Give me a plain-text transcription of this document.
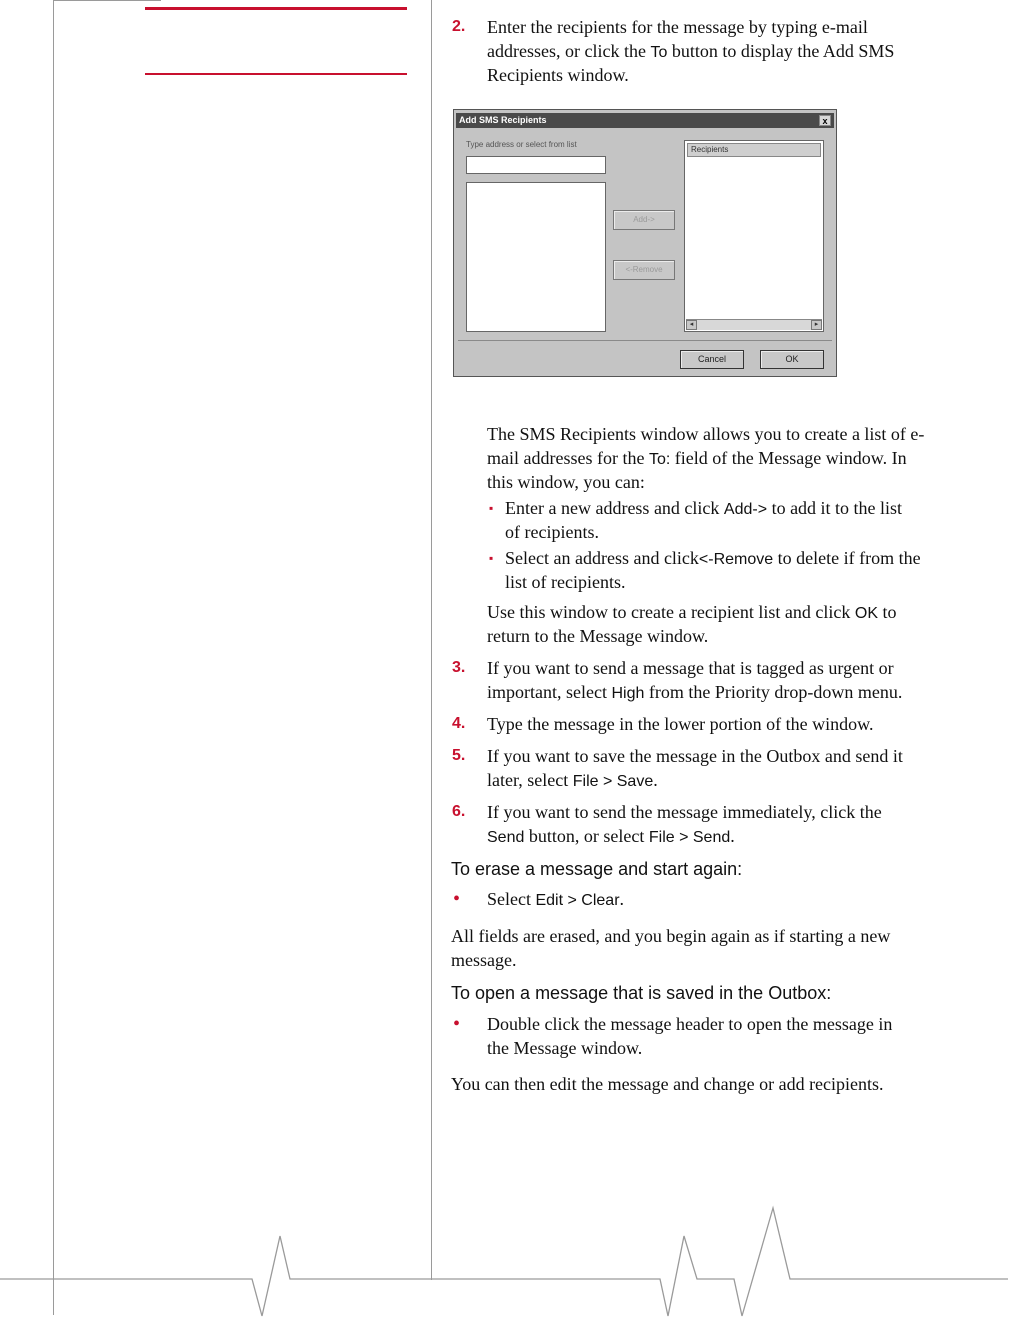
2. Enter the recipients for the message by typing e-mail
addresses, or click the To button to display the Add SMS
Recipients window.
Add SMS Recipients	x
Type address or select from list
Add->
<-Remove
Recipients
◂	▸
Cancel	OK
The SMS Recipients window allows you to create a list of e-
mail addresses for the To: field of the Message window. In
this window, you can:
▪ Enter a new address and click Add-> to add it to the list
of recipients.
▪ Select an address and click<-Remove to delete if from the
list of recipients.
Use this window to create a recipient list and click OK to
return to the Message window.
3. If you want to send a message that is tagged as urgent or
important, select High from the Priority drop-down menu.
4. Type the message in the lower portion of the window.
5. If you want to save the message in the Outbox and send it
later, select File > Save.
6. If you want to send the message immediately, click the
Send button, or select File > Send.
To erase a message and start again:
• Select Edit > Clear.
All fields are erased, and you begin again as if starting a new
message.
To open a message that is saved in the Outbox:
• Double click the message header to open the message in
the Message window.
You can then edit the message and change or add recipients.
